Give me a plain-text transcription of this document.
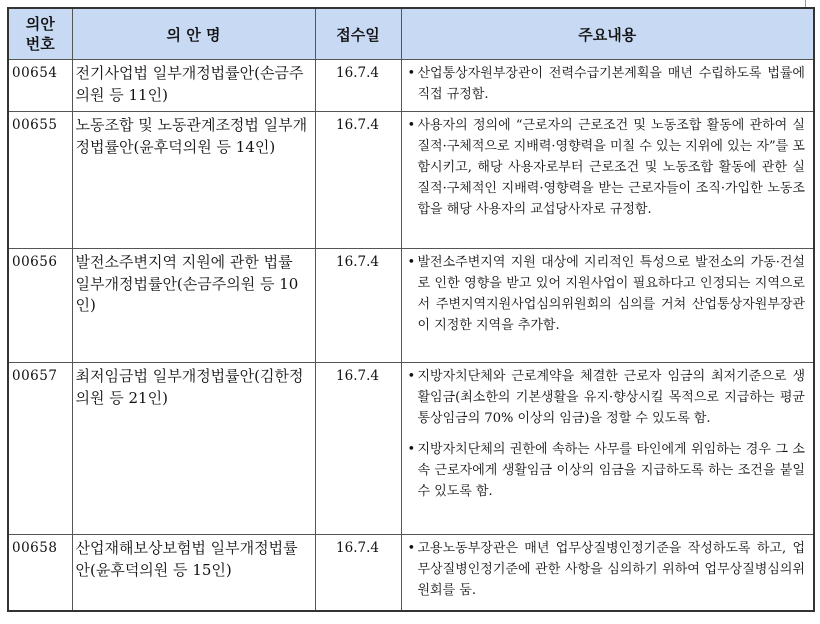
의안
번호	의 안 명	접수일	주요내용
00654	전기사업법 일부개정법률안(손금주의원 등 11인)	16.7.4	• 산업통상자원부장관이 전력수급기본계획을 매년 수립하도록 법률에 직접 규정함.

00655	노동조합 및 노동관계조정법 일부개정법률안(윤후덕의원 등 14인)	16.7.4	• 사용자의 정의에 “근로자의 근로조건 및 노동조합 활동에 관하여 실질적·구체적으로 지배력·영향력을 미칠 수 있는 지위에 있는 자”를 포함시키고, 해당 사용자로부터 근로조건 및 노동조합 활동에 관한 실질적·구체적인 지배력·영향력을 받는 근로자들이 조직·가입한 노동조합을 해당 사용자의 교섭당사자로 규정함.

00656	발전소주변지역 지원에 관한 법률 일부개정법률안(손금주의원 등 10인)	16.7.4	• 발전소주변지역 지원 대상에 지리적인 특성으로 발전소의 가동·건설로 인한 영향을 받고 있어 지원사업이 필요하다고 인정되는 지역으로서 주변지역지원사업심의위원회의 심의를 거쳐 산업통상자원부장관이 지정한 지역을 추가함.

00657	최저임금법 일부개정법률안(김한정의원 등 21인)	16.7.4	• 지방자치단체와 근로계약을 체결한 근로자 임금의 최저기준으로 생활임금(최소한의 기본생활을 유지·향상시킬 목적으로 지급하는 평균 통상임금의 70% 이상의 임금)을 정할 수 있도록 함.
• 지방자치단체의 권한에 속하는 사무를 타인에게 위임하는 경우 그 소속 근로자에게 생활임금 이상의 임금을 지급하도록 하는 조건을 붙일 수 있도록 함.

00658	산업재해보상보험법 일부개정법률안(윤후덕의원 등 15인)	16.7.4	• 고용노동부장관은 매년 업무상질병인정기준을 작성하도록 하고, 업무상질병인정기준에 관한 사항을 심의하기 위하여 업무상질병심의위원회를 둠.
